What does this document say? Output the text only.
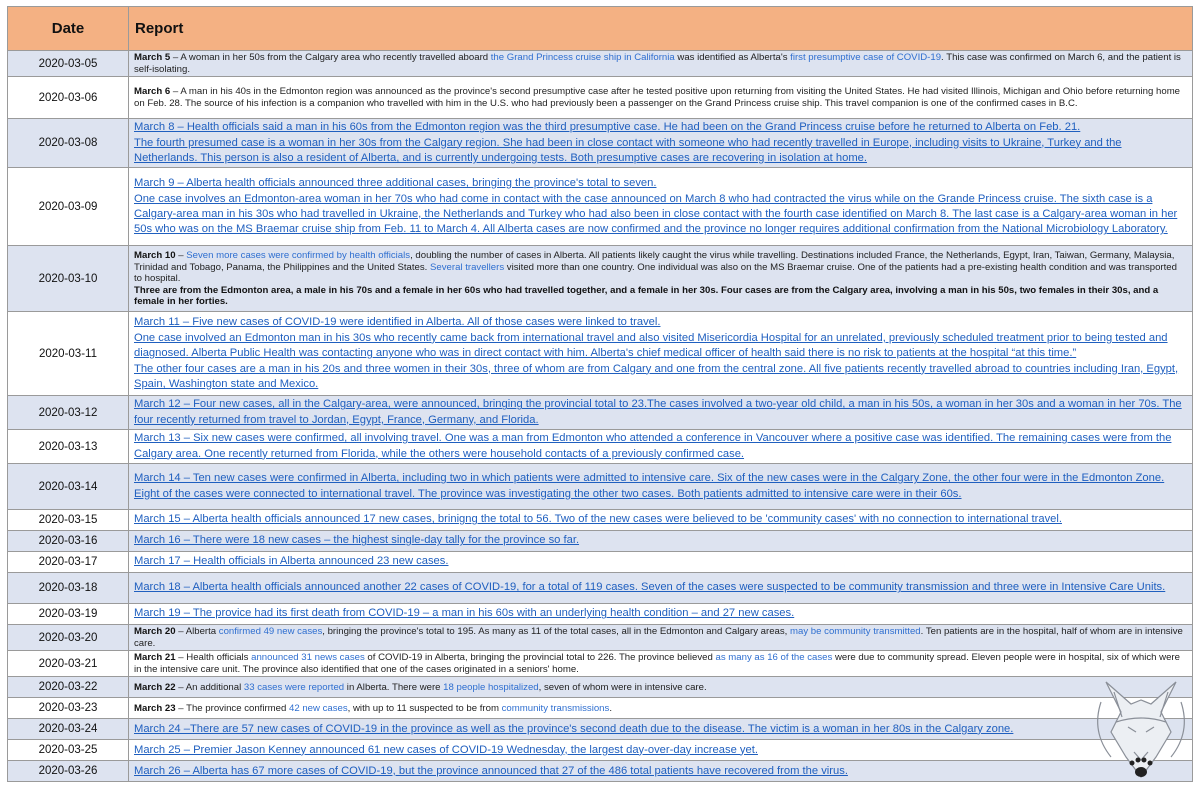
Date	Report
2020-03-05	March 5 – A woman in her 50s from the Calgary area who recently travelled aboard the Grand Princess cruise ship in California was identified as Alberta's first presumptive case of COVID-19. This case was confirmed on March 6, and the patient is self-isolating.

2020-03-06	March 6 – A man in his 40s in the Edmonton region was announced as the province's second presumptive case after he tested positive upon returning from visiting the United States. He had visited Illinois, Michigan and Ohio before returning home on Feb. 28. The source of his infection is a companion who travelled with him in the U.S. who had previously been a passenger on the Grand Princess cruise ship. This travel companion is one of the confirmed cases in B.C.

2020-03-08	March 8 – Health officials said a man in his 60s from the Edmonton region was the third presumptive case. He had been on the Grand Princess cruise before he returned to Alberta on Feb. 21.
The fourth presumed case is a woman in her 30s from the Calgary region. She had been in close contact with someone who had recently travelled in Europe, including visits to Ukraine, Turkey and the Netherlands. This person is also a resident of Alberta, and is currently undergoing tests. Both presumptive cases are recovering in isolation at home.

2020-03-09	March 9 – Alberta health officials announced three additional cases, bringing the province's total to seven.
One case involves an Edmonton-area woman in her 70s who had come in contact with the case announced on March 8 who had contracted the virus while on the Grande Princess cruise. The sixth case is a Calgary-area man in his 30s who had travelled in Ukraine, the Netherlands and Turkey who had also been in close contact with the fourth case identified on March 8. The last case is a Calgary-area woman in her 50s who was on the MS Braemar cruise ship from Feb. 11 to March 4. All Alberta cases are now confirmed and the province no longer requires additional confirmation from the National Microbiology Laboratory.

2020-03-10	March 10 – Seven more cases were confirmed by health officials, doubling the number of cases in Alberta. All patients likely caught the virus while travelling. Destinations included France, the Netherlands, Egypt, Iran, Taiwan, Germany, Malaysia, Trinidad and Tobago, Panama, the Philippines and the United States. Several travellers visited more than one country. One individual was also on the MS Braemar cruise. One of the patients had a pre-existing health condition and was transported to hospital.
Three are from the Edmonton area, a male in his 70s and a female in her 60s who had travelled together, and a female in her 30s. Four cases are from the Calgary area, involving a man in his 50s, two females in their 30s, and a female in her forties.

2020-03-11	March 11 – Five new cases of COVID-19 were identified in Alberta. All of those cases were linked to travel.
One case involved an Edmonton man in his 30s who recently came back from international travel and also visited Misericordia Hospital for an unrelated, previously scheduled treatment prior to being tested and diagnosed. Alberta Public Health was contacting anyone who was in direct contact with him. Alberta's chief medical officer of health said there is no risk to patients at the hospital “at this time.”
The other four cases are a man in his 20s and three women in their 30s, three of whom are from Calgary and one from the central zone. All five patients recently travelled abroad to countries including Iran, Egypt, Spain, Washington state and Mexico.

2020-03-12	March 12 – Four new cases, all in the Calgary-area, were announced, bringing the provincial total to 23.The cases involved a two-year old child, a man in his 50s, a woman in her 30s and a woman in her 70s. The four recently returned from travel to Jordan, Egypt, France, Germany, and Florida.

2020-03-13	March 13 – Six new cases were confirmed, all involving travel. One was a man from Edmonton who attended a conference in Vancouver where a positive case was identified. The remaining cases were from the Calgary area. One recently returned from Florida, while the others were household contacts of a previously confirmed case.

2020-03-14	March 14 – Ten new cases were confirmed in Alberta, including two in which patients were admitted to intensive care. Six of the new cases were in the Calgary Zone, the other four were in the Edmonton Zone. Eight of the cases were connected to international travel. The province was investigating the other two cases. Both patients admitted to intensive care were in their 60s.

2020-03-15	March 15 – Alberta health officials announced 17 new cases, brinigng the total to 56. Two of the new cases were believed to be 'community cases' with no connection to international travel.

2020-03-16	March 16 – There were 18 new cases – the highest single-day tally for the province so far.

2020-03-17	March 17 – Health officials in Alberta announced 23 new cases.

2020-03-18	March 18 – Alberta health officials announced another 22 cases of COVID-19, for a total of 119 cases. Seven of the cases were suspected to be community transmission and three were in Intensive Care Units.

2020-03-19	March 19 – The provice had its first death from COVID-19 – a man in his 60s with an underlying health condition – and 27 new cases.

2020-03-20	March 20 – Alberta confirmed 49 new cases, bringing the province's total to 195. As many as 11 of the total cases, all in the Edmonton and Calgary areas, may be community transmitted. Ten patients are in the hospital, half of whom are in intensive care.

2020-03-21	March 21 – Health officials announced 31 news cases of COVID-19 in Alberta, bringing the provincial total to 226. The province believed as many as 16 of the cases were due to community spread. Eleven people were in hospital, six of which were in the intensive care unit. The province also identified that one of the cases originated in a seniors' home.

2020-03-22	March 22 – An additional 33 cases were reported in Alberta. There were 18 people hospitalized, seven of whom were in intensive care.

2020-03-23	March 23 – The province confirmed 42 new cases, with up to 11 suspected to be from community transmissions.

2020-03-24	March 24 –There are 57 new cases of COVID-19 in the province as well as the province's second death due to the disease. The victim is a woman in her 80s in the Calgary zone.

2020-03-25	March 25 – Premier Jason Kenney announced 61 new cases of COVID-19 Wednesday, the largest day-over-day increase yet.

2020-03-26	March 26 – Alberta has 67 more cases of COVID-19, but the province announced that 27 of the 486 total patients have recovered from the virus.
